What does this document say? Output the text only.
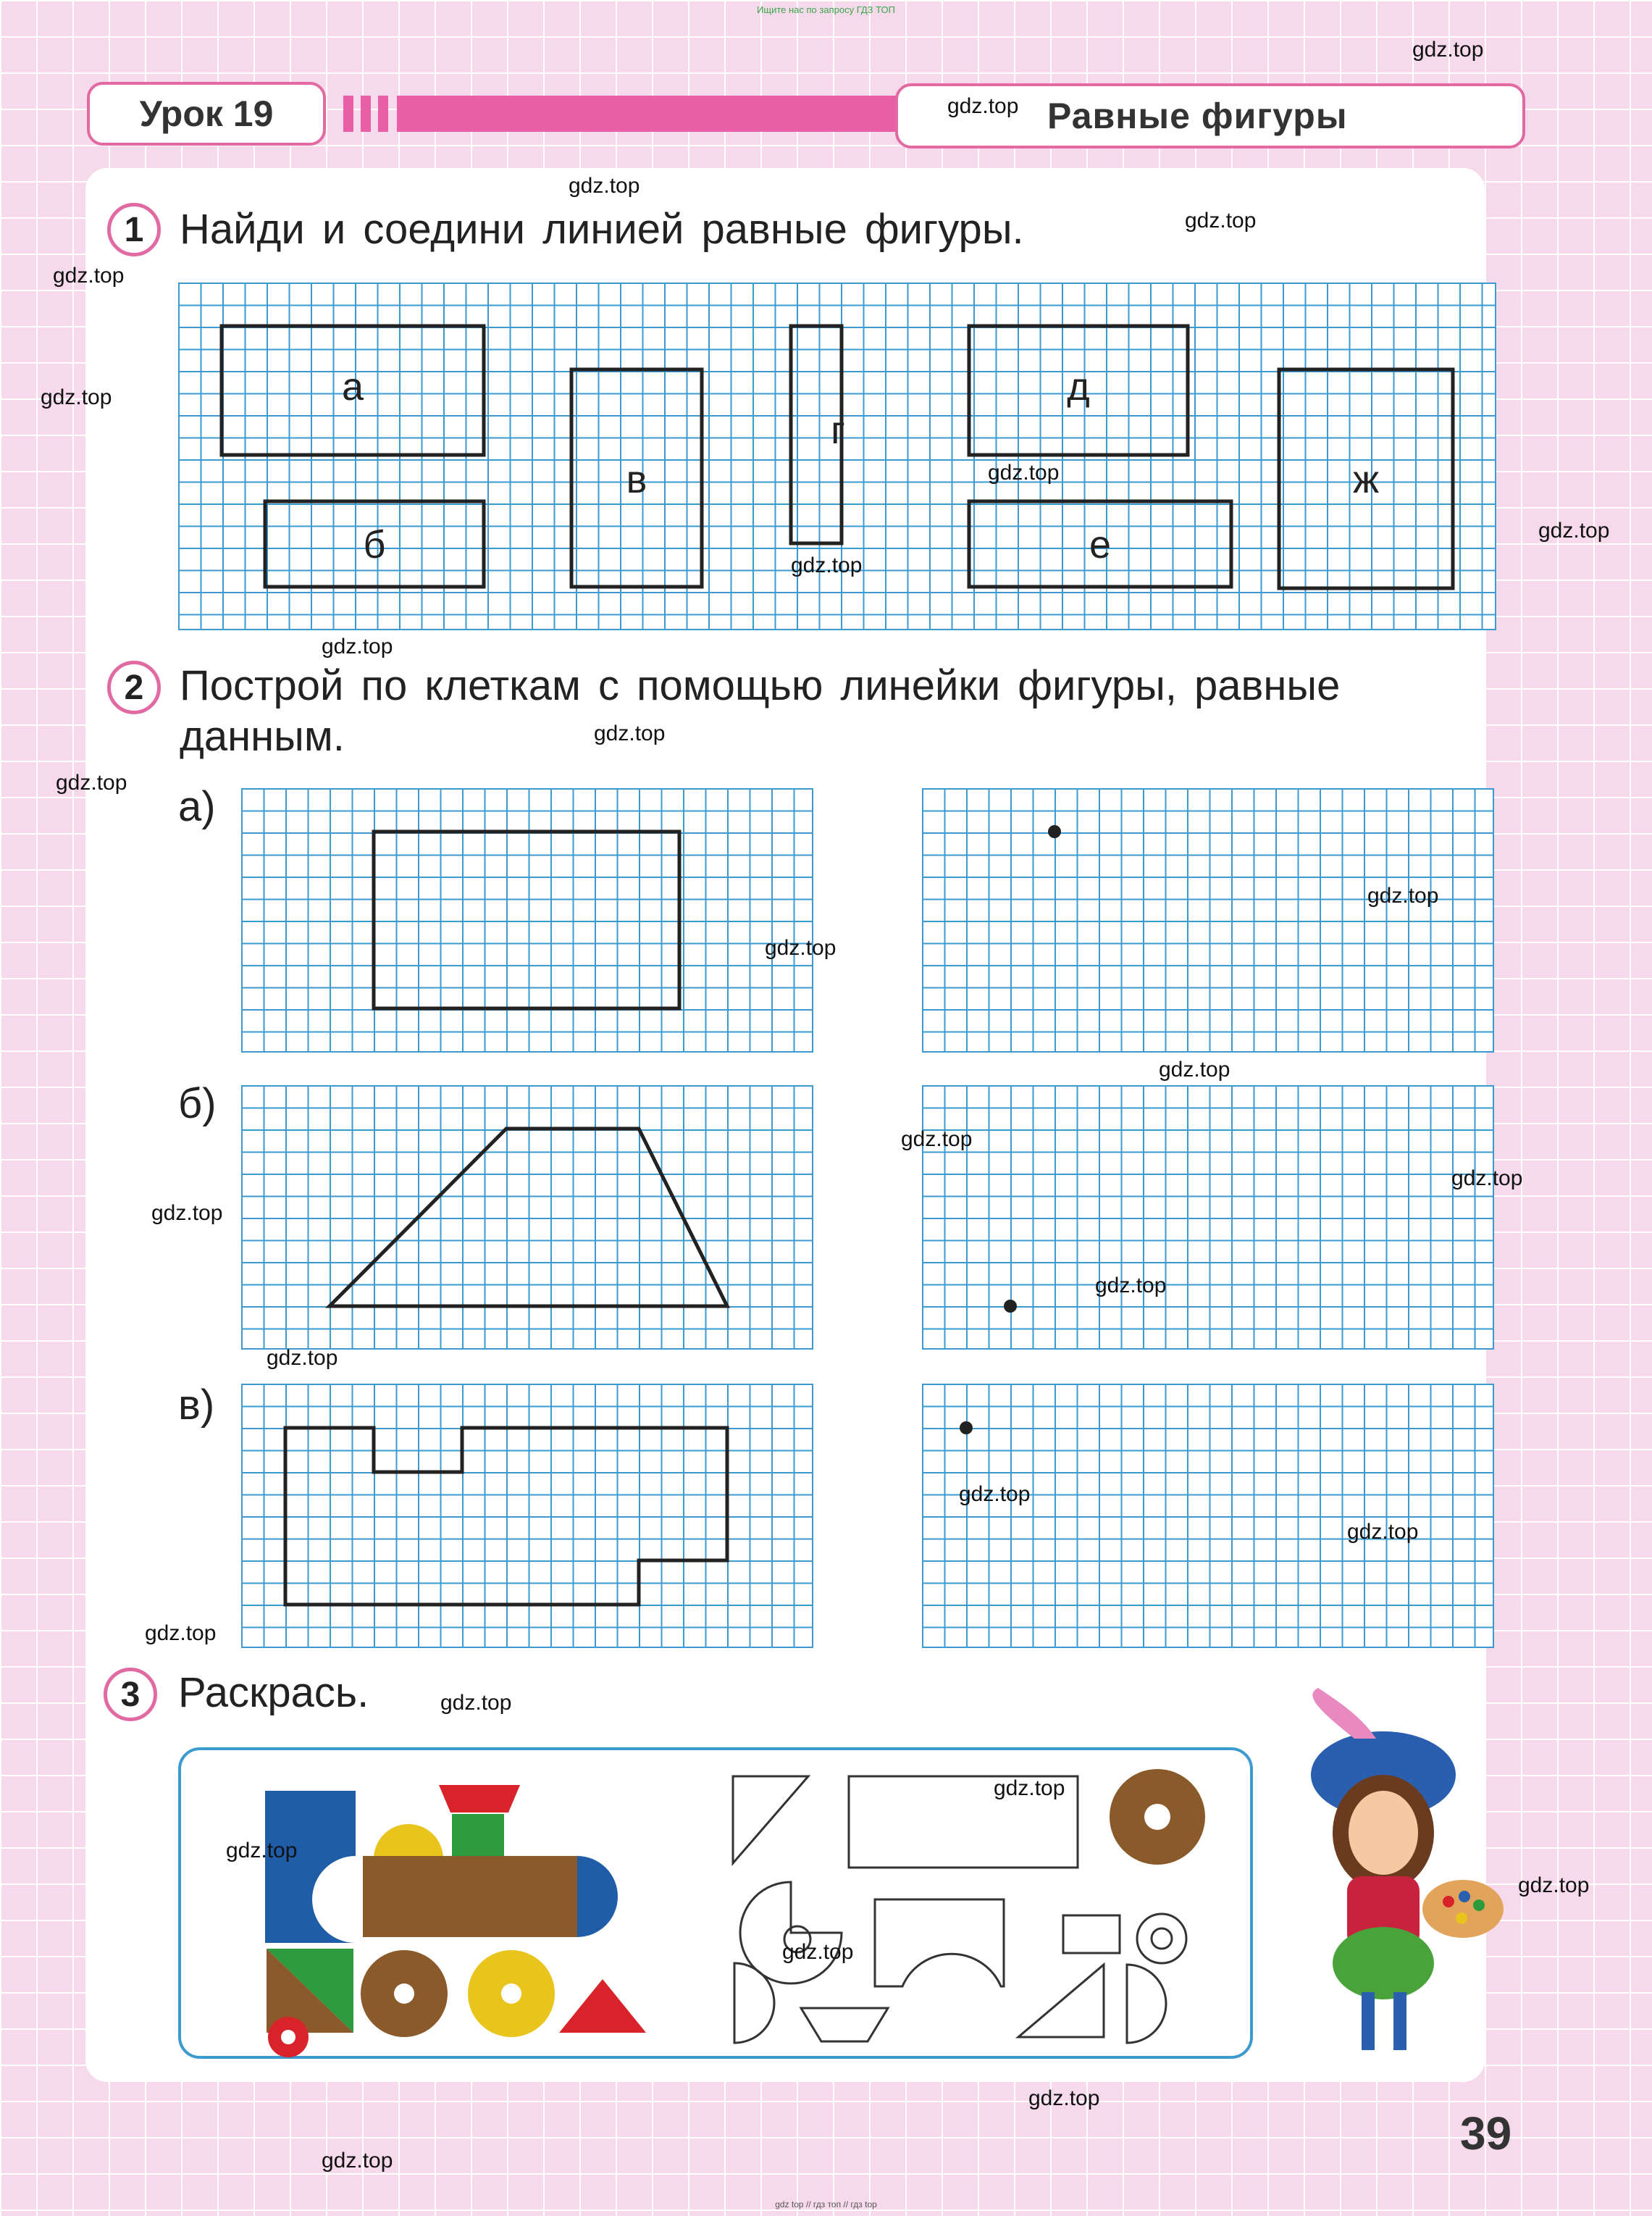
Ищите нас по запросу ГДЗ ТОП
Урок 19	Равные фигуры
1 Найди и соедини линией равные фигуры.
а
б
в
г
д
е
ж
2 Построй по клеткам с помощью линейки фигуры, равные данным.
а)
б)
в)
3 Раскрась.
39
gdz top // гдз топ // гдз top
gdz.top
gdz.top
gdz.top
gdz.top
gdz.top
gdz.top
gdz.top
gdz.top
gdz.top
gdz.top
gdz.top
gdz.top
gdz.top
gdz.top
gdz.top
gdz.top
gdz.top
gdz.top
gdz.top
gdz.top
gdz.top
gdz.top
gdz.top
gdz.top
gdz.top
gdz.top
gdz.top
gdz.top
gdz.top
gdz.top
